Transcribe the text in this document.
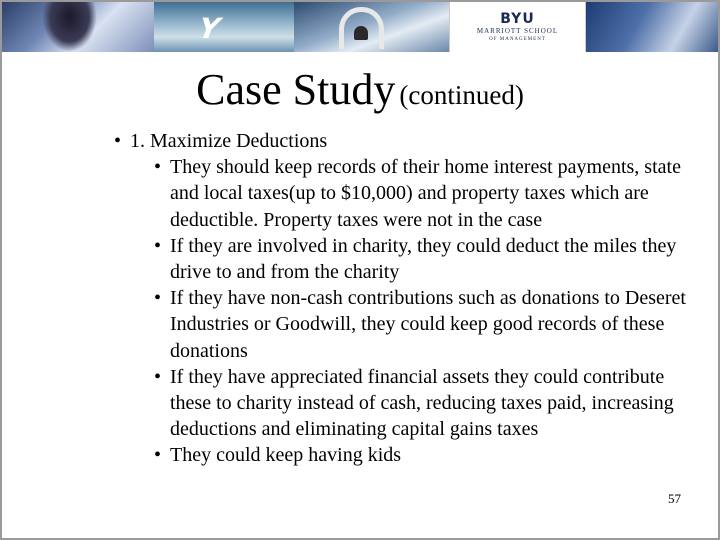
Y	BYU
MARRIOTT SCHOOL
OF MANAGEMENT
Case Study (continued)
• 1. Maximize Deductions
• They should keep records of their home interest payments, state and local taxes(up to $10,000) and property taxes which are deductible. Property taxes were not in the case
• If they are involved in charity, they could deduct the miles they drive to and from the charity
• If they have non-cash contributions such as donations to Deseret Industries or Goodwill, they could keep good records of these donations
• If they have appreciated financial assets they could contribute these to charity instead of cash, reducing taxes paid, increasing deductions and eliminating capital gains taxes
• They could keep having kids
57
